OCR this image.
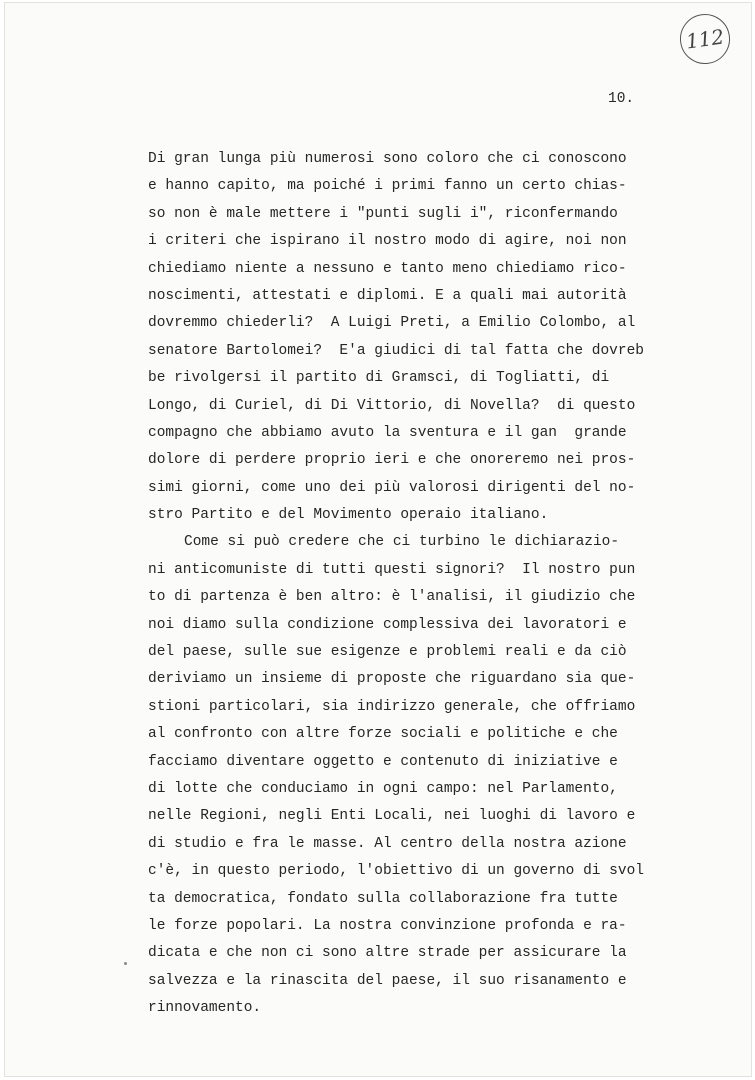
112
10.
Di gran lunga più numerosi sono coloro che ci conoscono
e hanno capito, ma poiché i primi fanno un certo chias-
so non è male mettere i "punti sugli i", riconfermando
i criteri che ispirano il nostro modo di agire, noi non
chiediamo niente a nessuno e tanto meno chiediamo rico-
noscimenti, attestati e diplomi. E a quali mai autorità
dovremmo chiederli?  A Luigi Preti, a Emilio Colombo, al
senatore Bartolomei?  E'a giudici di tal fatta che dovreb
be rivolgersi il partito di Gramsci, di Togliatti, di
Longo, di Curiel, di Di Vittorio, di Novella?  di questo
compagno che abbiamo avuto la sventura e il gan  grande
dolore di perdere proprio ieri e che onoreremo nei pros-
simi giorni, come uno dei più valorosi dirigenti del no-
stro Partito e del Movimento operaio italiano.
Come si può credere che ci turbino le dichiarazio-
ni anticomuniste di tutti questi signori?  Il nostro pun
to di partenza è ben altro: è l'analisi, il giudizio che
noi diamo sulla condizione complessiva dei lavoratori e
del paese, sulle sue esigenze e problemi reali e da ciò
deriviamo un insieme di proposte che riguardano sia que-
stioni particolari, sia indirizzo generale, che offriamo
al confronto con altre forze sociali e politiche e che
facciamo diventare oggetto e contenuto di iniziative e
di lotte che conduciamo in ogni campo: nel Parlamento,
nelle Regioni, negli Enti Locali, nei luoghi di lavoro e
di studio e fra le masse. Al centro della nostra azione
c'è, in questo periodo, l'obiettivo di un governo di svol
ta democratica, fondato sulla collaborazione fra tutte
le forze popolari. La nostra convinzione profonda e ra-
dicata e che non ci sono altre strade per assicurare la
salvezza e la rinascita del paese, il suo risanamento e
rinnovamento.
